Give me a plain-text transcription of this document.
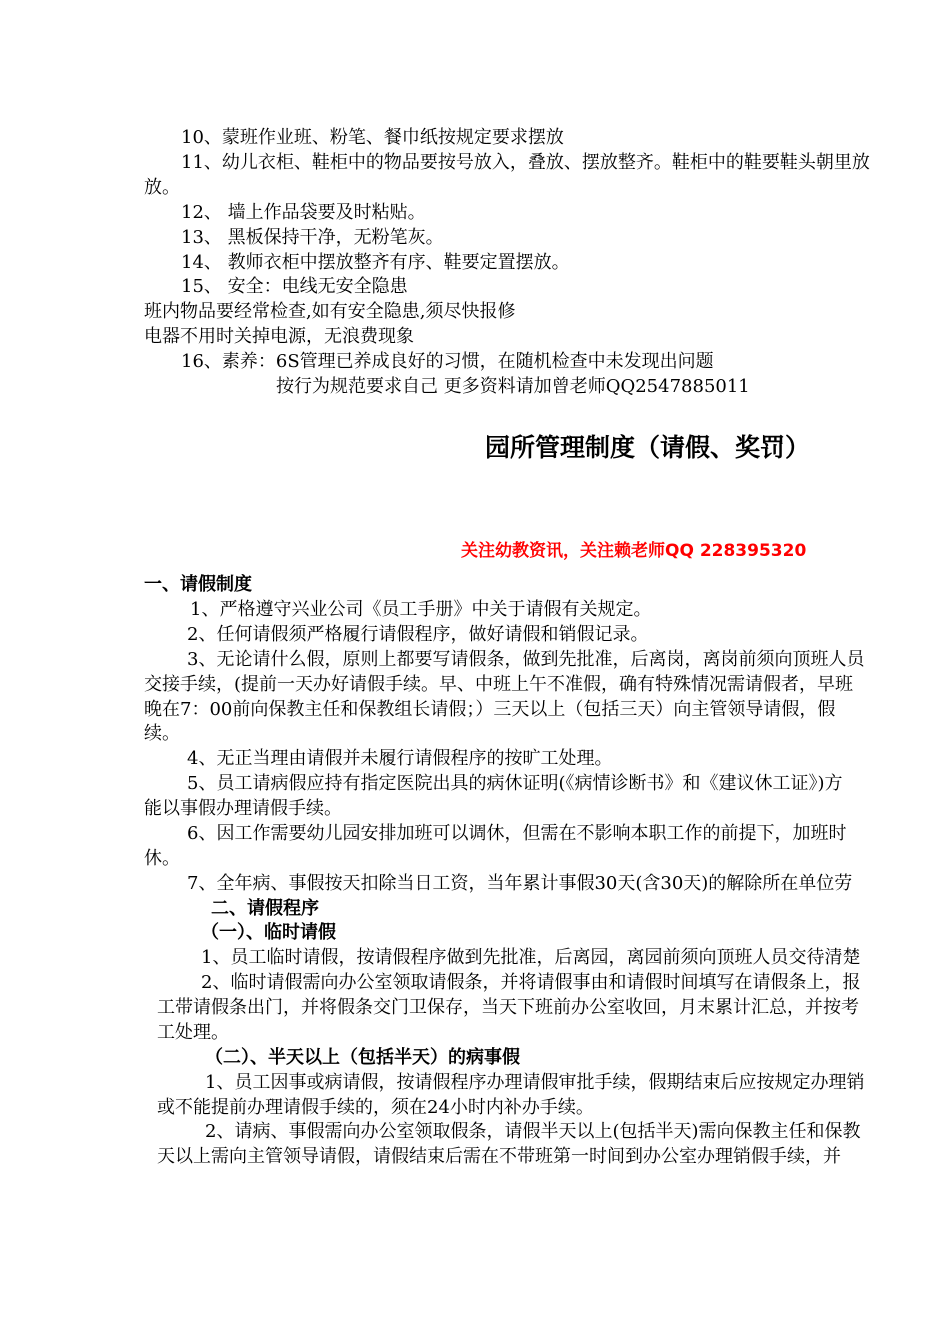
10、蒙班作业班、粉笔、餐巾纸按规定要求摆放

11、幼儿衣柜、鞋柜中的物品要按号放入，叠放、摆放整齐。鞋柜中的鞋要鞋头朝里放

放。

12、 墙上作品袋要及时粘贴。

13、 黑板保持干净，无粉笔灰。

14、 教师衣柜中摆放整齐有序、鞋要定置摆放。

15、 安全：电线无安全隐患

班内物品要经常检查,如有安全隐患,须尽快报修

电器不用时关掉电源，无浪费现象

16、素养：6S管理已养成良好的习惯，在随机检查中未发现出问题

按行为规范要求自己 更多资料请加曾老师QQ2547885011

园所管理制度（请假、奖罚）

关注幼教资讯，关注赖老师QQ 228395320

一、请假制度

1、严格遵守兴业公司《员工手册》中关于请假有关规定。

2、任何请假须严格履行请假程序，做好请假和销假记录。

3、无论请什么假，原则上都要写请假条，做到先批准，后离岗，离岗前须向顶班人员

交接手续，(提前一天办好请假手续。早、中班上午不准假，确有特殊情况需请假者，早班

晚在7：00前向保教主任和保教组长请假；）三天以上（包括三天）向主管领导请假，假

续。

4、无正当理由请假并未履行请假程序的按旷工处理。

5、员工请病假应持有指定医院出具的病休证明(《病情诊断书》和《建议休工证》)方

能以事假办理请假手续。

6、因工作需要幼儿园安排加班可以调休，但需在不影响本职工作的前提下，加班时

休。

7、全年病、事假按天扣除当日工资，当年累计事假30天(含30天)的解除所在单位劳

二、请假程序
（一）、临时请假

1、员工临时请假，按请假程序做到先批准，后离园，离园前须向顶班人员交待清楚

2、临时请假需向办公室领取请假条，并将请假事由和请假时间填写在请假条上，报

工带请假条出门，并将假条交门卫保存，当天下班前办公室收回，月末累计汇总，并按考

工处理。

（二）、半天以上（包括半天）的病事假

1、员工因事或病请假，按请假程序办理请假审批手续，假期结束后应按规定办理销

或不能提前办理请假手续的，须在24小时内补办手续。

2、请病、事假需向办公室领取假条，请假半天以上(包括半天)需向保教主任和保教

天以上需向主管领导请假，请假结束后需在不带班第一时间到办公室办理销假手续，并
